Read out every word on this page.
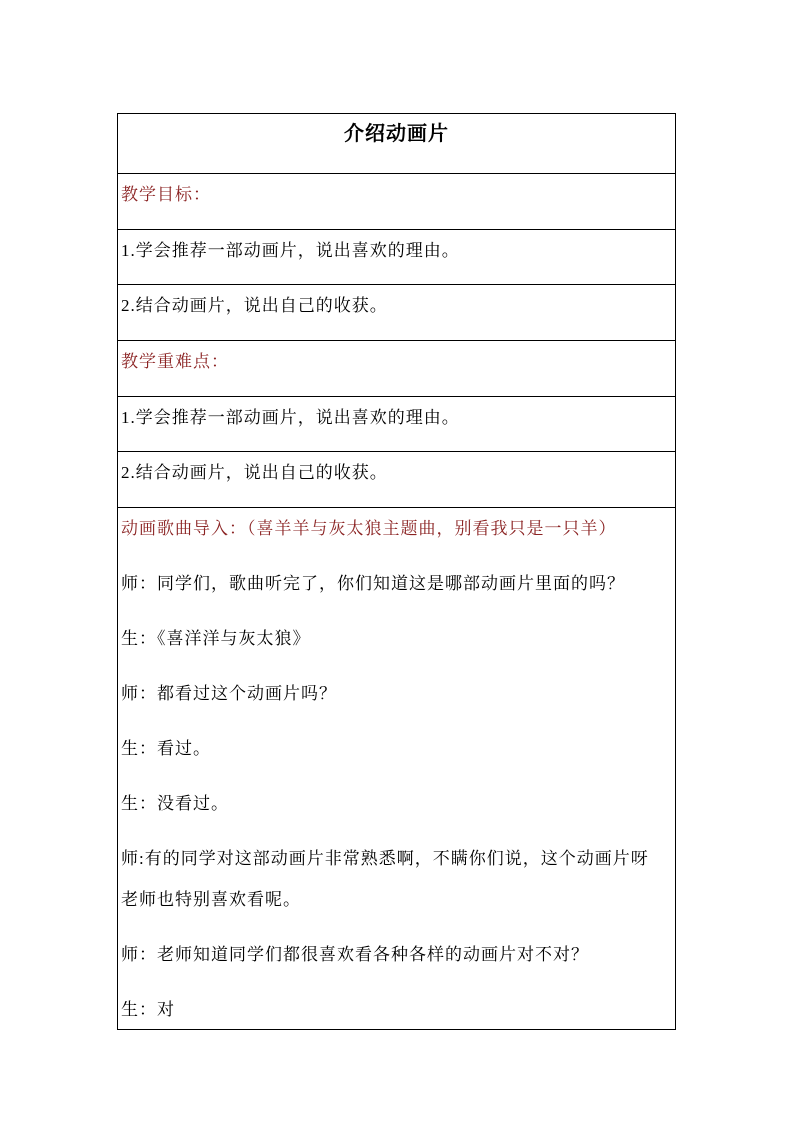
介绍动画片
教学目标：
1.学会推荐一部动画片，说出喜欢的理由。
2.结合动画片，说出自己的收获。
教学重难点：
1.学会推荐一部动画片，说出喜欢的理由。
2.结合动画片，说出自己的收获。

动画歌曲导入：（喜羊羊与灰太狼主题曲，别看我只是一只羊）

师：同学们，歌曲听完了，你们知道这是哪部动画片里面的吗？

生：《喜洋洋与灰太狼》

师：都看过这个动画片吗？

生：看过。

生：没看过。

师:有的同学对这部动画片非常熟悉啊，不瞒你们说，这个动画片呀
老师也特别喜欢看呢。

师：老师知道同学们都很喜欢看各种各样的动画片对不对？

生：对
